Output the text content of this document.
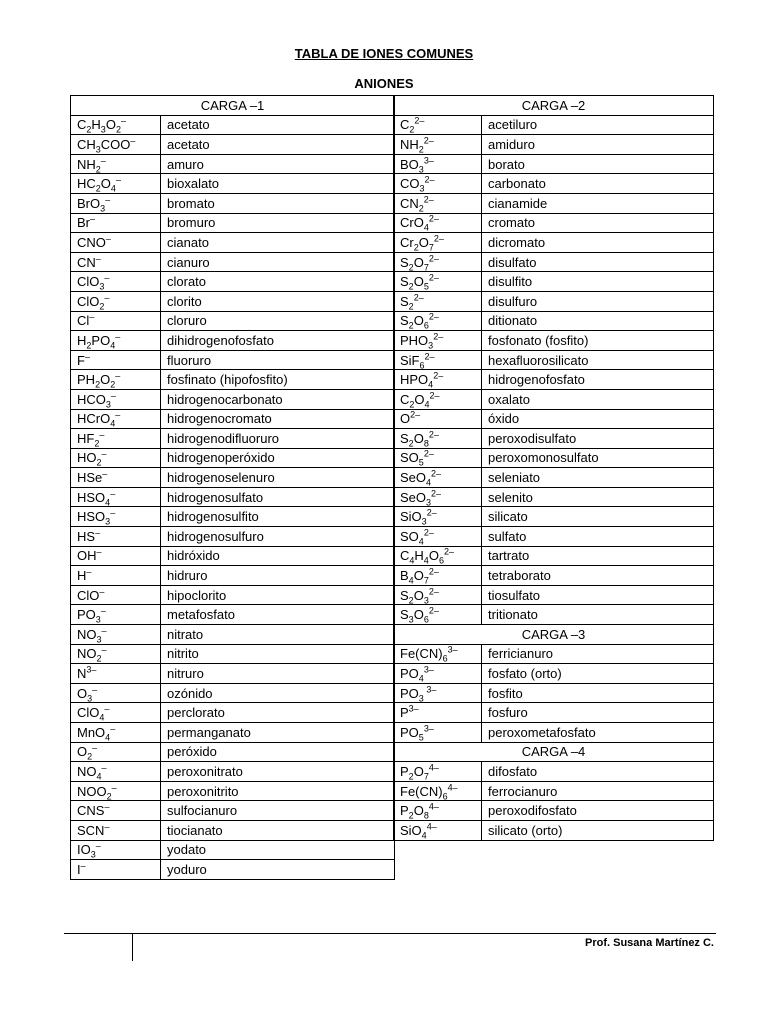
TABLA DE IONES COMUNES
ANIONES
CARGA –1	
$C_2H_3O_2^-$	acetato
$CH_3COO^-$	acetato
$NH_2^-$	amuro
$HC_2O_4^-$	bioxalato
BrO$_3$–	bromato
Br–	bromuro
CNO–	cianato
CN–	cianuro
ClO$_3$–	clorato
ClO$_2$–	clorito
Cl–	cloruro
$H_2PO_4^-$	dihidrogenofosfato
F–	fluoruro
$PH_2O_2^-$	fosfinato (hipofosfito)
$HCO_3^-$	hidrogenocarbonato
HCrO$_4$–	hidrogenocromato
$HF_2^-$	hidrogenodifluoruro
$HO_2^-$	hidrogenoperóxido
HSe–	hidrogenoselenuro
$HSO_4^-$	hidrogenosulfato
$HSO_3^-$	hidrogenosulfito
HS–	hidrogenosulfuro
OH–	hidróxido
H–	hidruro
ClO–	hipoclorito
$PO_3^-$	metafosfato
$NO_3^-$	nitrato
$NO_2^-$	nitrito
$N^{3-}$	nitruro
$O_3^-$	ozónido
ClO$_4$–	perclorato
MnO$_4$–	permanganato
$O_2^-$	peróxido
$NO_4^-$	peroxonitrato
$NOO_2^-$	peroxonitrito
CNS–	sulfocianuro
SCN–	tiocianato
$IO_3^-$	yodato
I–	yoduro
CARGA –2	
$C_2^{2-}$	acetiluro
$NH_2^{2-}$	amiduro
$BO_3^{3-}$	borato
$CO_3^{2-}$	carbonato
$CN_2^{2-}$	cianamide
CrO$_4^{2-}$	cromato
$Cr_2O_7^{2-}$	dicromato
$S_2O_7^{2-}$	disulfato
$S_2O_5^{2-}$	disulfito
$S_2^{2-}$	disulfuro
$S_2O_6^{2-}$	ditionato
$PHO_3^{2-}$	fosfonato (fosfito)
SiF$_6^{2-}$	hexafluorosilicato
$HPO_4^{2-}$	hidrogenofosfato
$C_2O_4^{2-}$	oxalato
$O^{2-}$	óxido
$S_2O_8^{2-}$	peroxodisulfato
$SO_5^{2-}$	peroxomonosulfato
SeO$_4^{2-}$	seleniato
SeO$_3^{2-}$	selenito
SiO$_3^{2-}$	silicato
$SO_4^{2-}$	sulfato
$C_4H_4O_6^{2-}$	tartrato
$B_4O_7^{2-}$	tetraborato
$S_2O_3^{2-}$	tiosulfato
$S_3O_6^{2-}$	tritionato
CARGA –3	
$Fe(CN)_6^{3-}$	ferricianuro
$PO_4^{3-}$	fosfato (orto)
$PO_3$ $^{3-}$	fosfito
$P^{3-}$	fosfuro
$PO_5^{3-}$	peroxometafosfato
CARGA –4	
$P_2O_7^{4-}$	difosfato
$Fe(CN)_6^{4-}$	ferrocianuro
$P_2O_8^{4-}$	peroxodifosfato
SiO$_4^{4-}$	silicato (orto)
Prof. Susana Martínez C.
